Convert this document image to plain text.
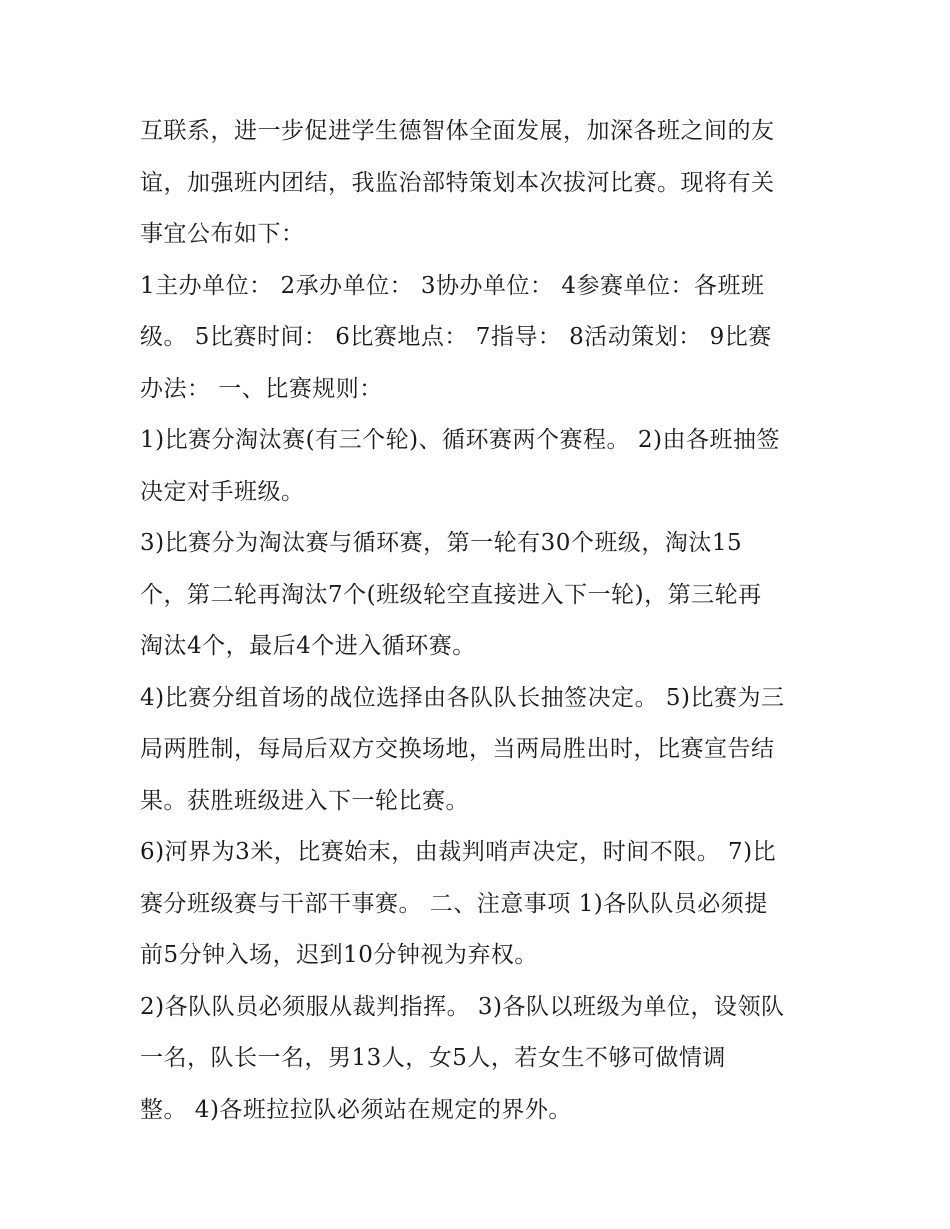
互联系，进一步促进学生德智体全面发展，加深各班之间的友
谊，加强班内团结，我监治部特策划本次拔河比赛。现将有关
事宜公布如下：
1主办单位： 2承办单位： 3协办单位： 4参赛单位：各班班
级。 5比赛时间： 6比赛地点： 7指导： 8活动策划： 9比赛
办法： 一、比赛规则：
1)比赛分淘汰赛(有三个轮)、循环赛两个赛程。 2)由各班抽签
决定对手班级。
3)比赛分为淘汰赛与循环赛，第一轮有30个班级，淘汰15
个，第二轮再淘汰7个(班级轮空直接进入下一轮)，第三轮再
淘汰4个，最后4个进入循环赛。
4)比赛分组首场的战位选择由各队队长抽签决定。 5)比赛为三
局两胜制，每局后双方交换场地，当两局胜出时，比赛宣告结
果。获胜班级进入下一轮比赛。
6)河界为3米，比赛始末，由裁判哨声决定，时间不限。 7)比
赛分班级赛与干部干事赛。 二、注意事项 1)各队队员必须提
前5分钟入场，迟到10分钟视为弃权。
2)各队队员必须服从裁判指挥。 3)各队以班级为单位，设领队
一名，队长一名，男13人，女5人，若女生不够可做情调
整。 4)各班拉拉队必须站在规定的界外。
